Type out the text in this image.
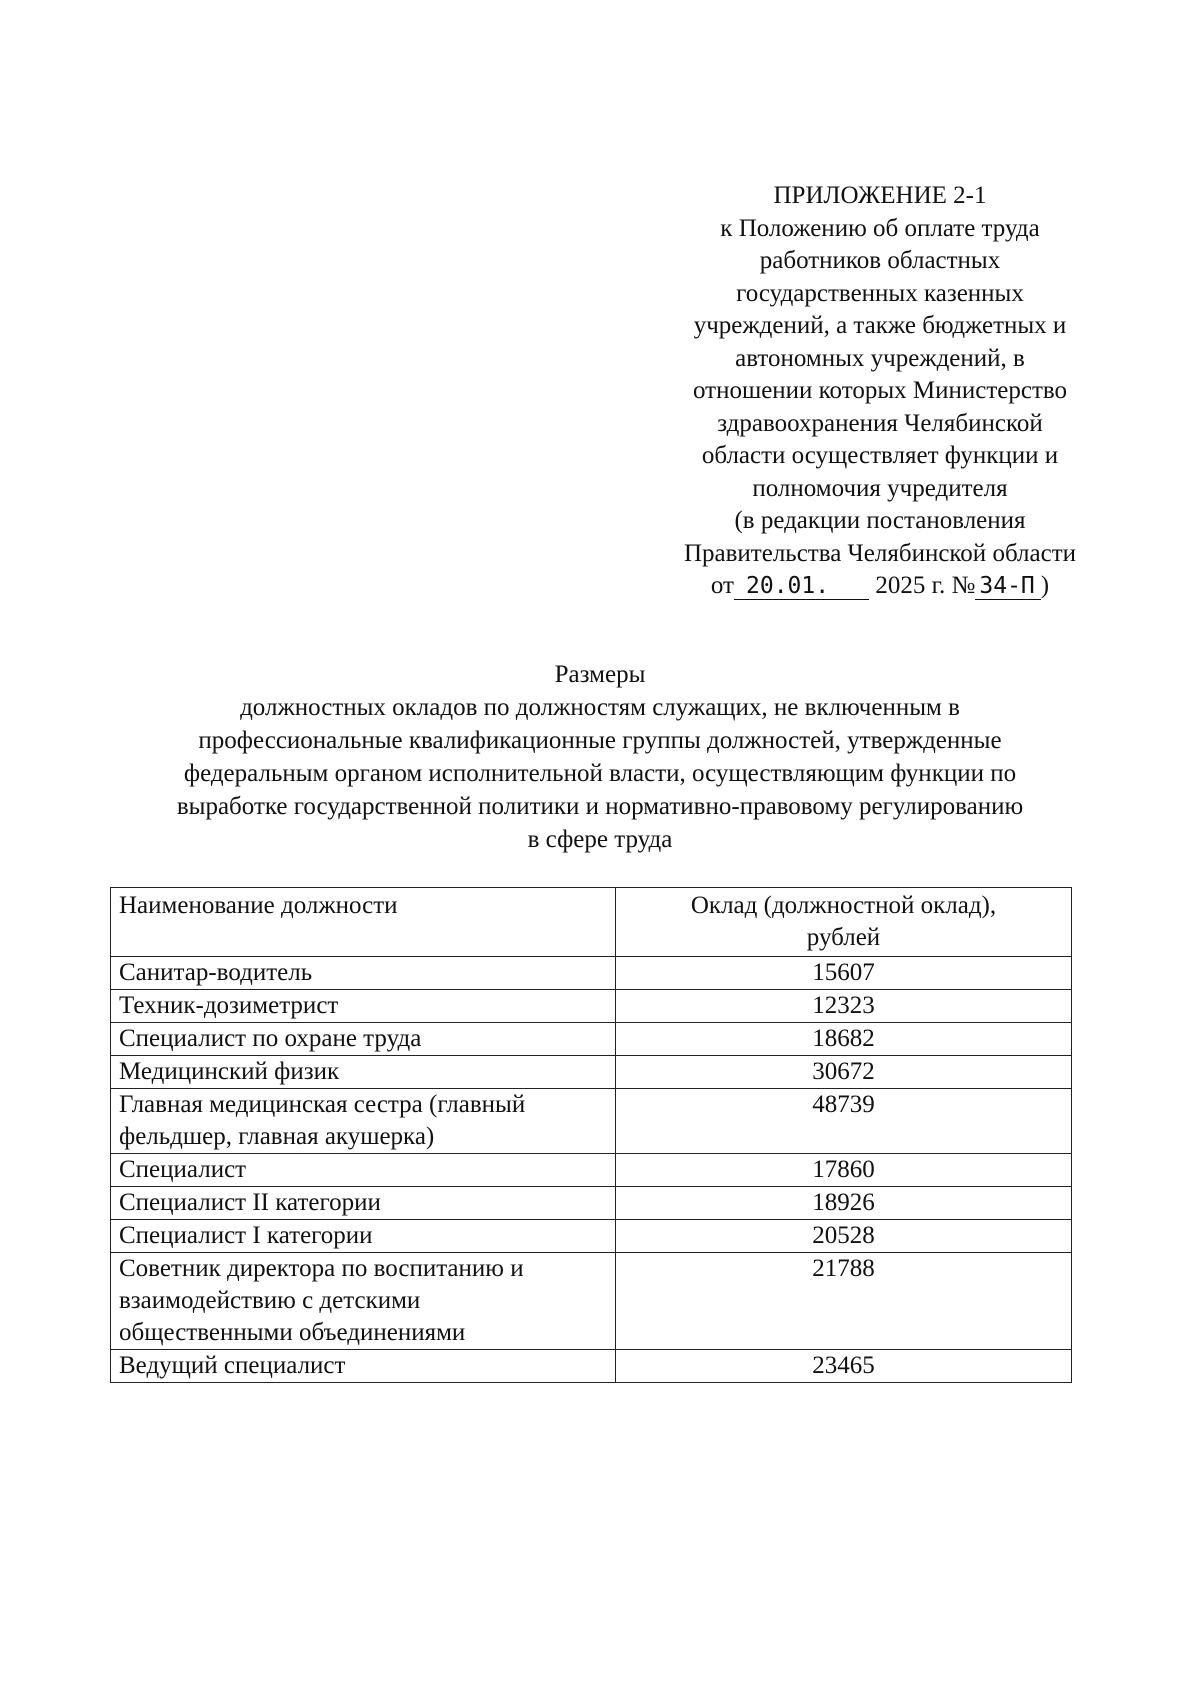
ПРИЛОЖЕНИЕ 2-1
к Положению об оплате труда
работников областных
государственных казенных
учреждений, а также бюджетных и
автономных учреждений, в
отношении которых Министерство
здравоохранения Челябинской
области осуществляет функции и
полномочия учредителя
(в редакции постановления
Правительства Челябинской области
от 20.01. 2025 г. № 34-П )
Размеры
должностных окладов по должностям служащих, не включенным в
профессиональные квалификационные группы должностей, утвержденные
федеральным органом исполнительной власти, осуществляющим функции по
выработке государственной политики и нормативно-правовому регулированию
в сфере труда
Наименование должности	Оклад (должностной оклад),
рублей

Санитар-водитель	15607

Техник-дозиметрист	12323

Специалист по охране труда	18682

Медицинский физик	30672

Главная медицинская сестра (главный фельдшер, главная акушерка)	48739

Специалист	17860

Специалист II категории	18926

Специалист I категории	20528

Советник директора по воспитанию и взаимодействию с детскими общественными объединениями	21788

Ведущий специалист	23465
